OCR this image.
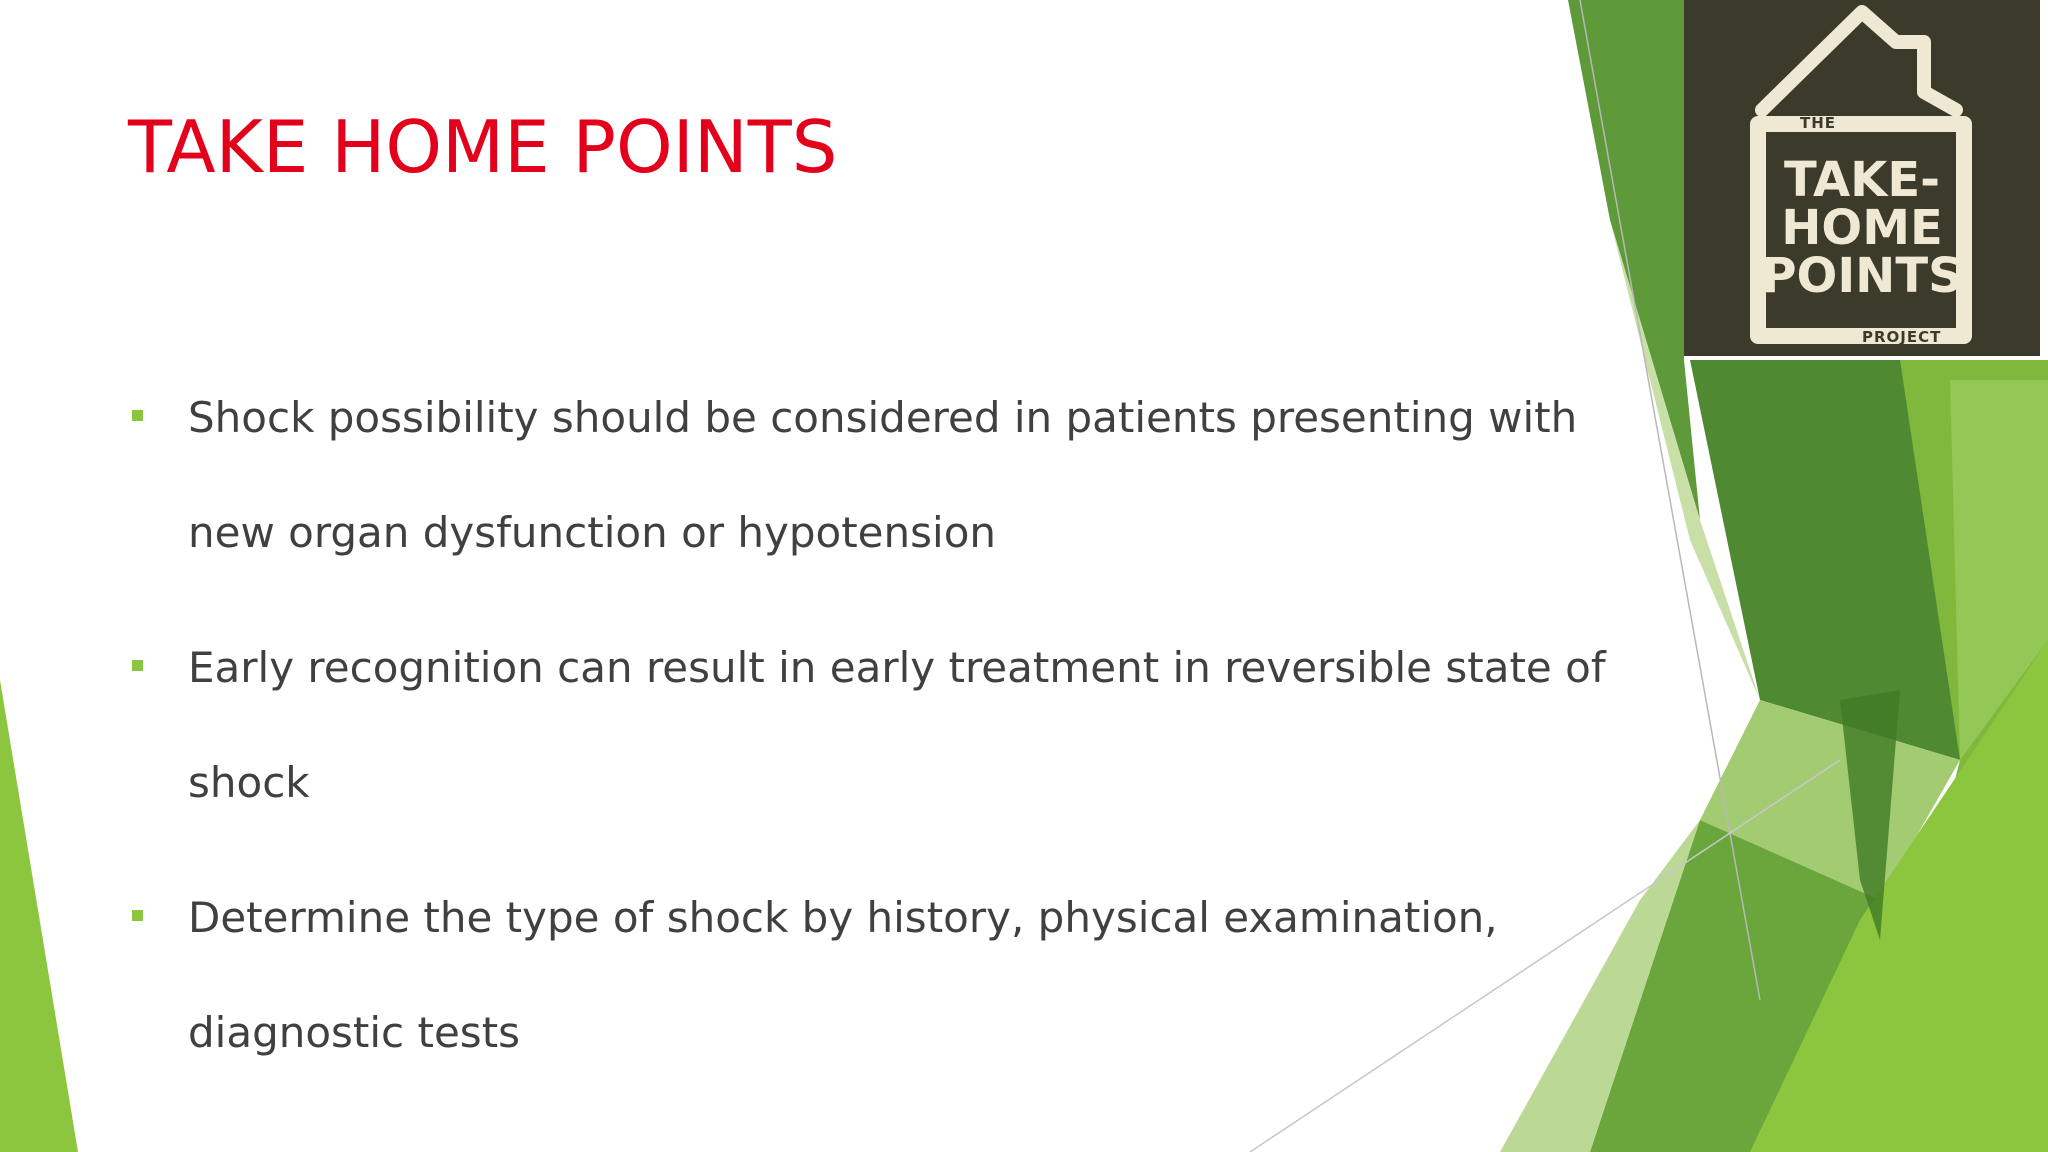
TAKE HOME POINTS
Shock possibility should be considered in patients presenting with new organ dysfunction or hypotension
Early recognition can result in early treatment in reversible state of shock
Determine the type of shock by history, physical examination, diagnostic tests
THE
TAKE-
HOME
POINTS
PROJECT
